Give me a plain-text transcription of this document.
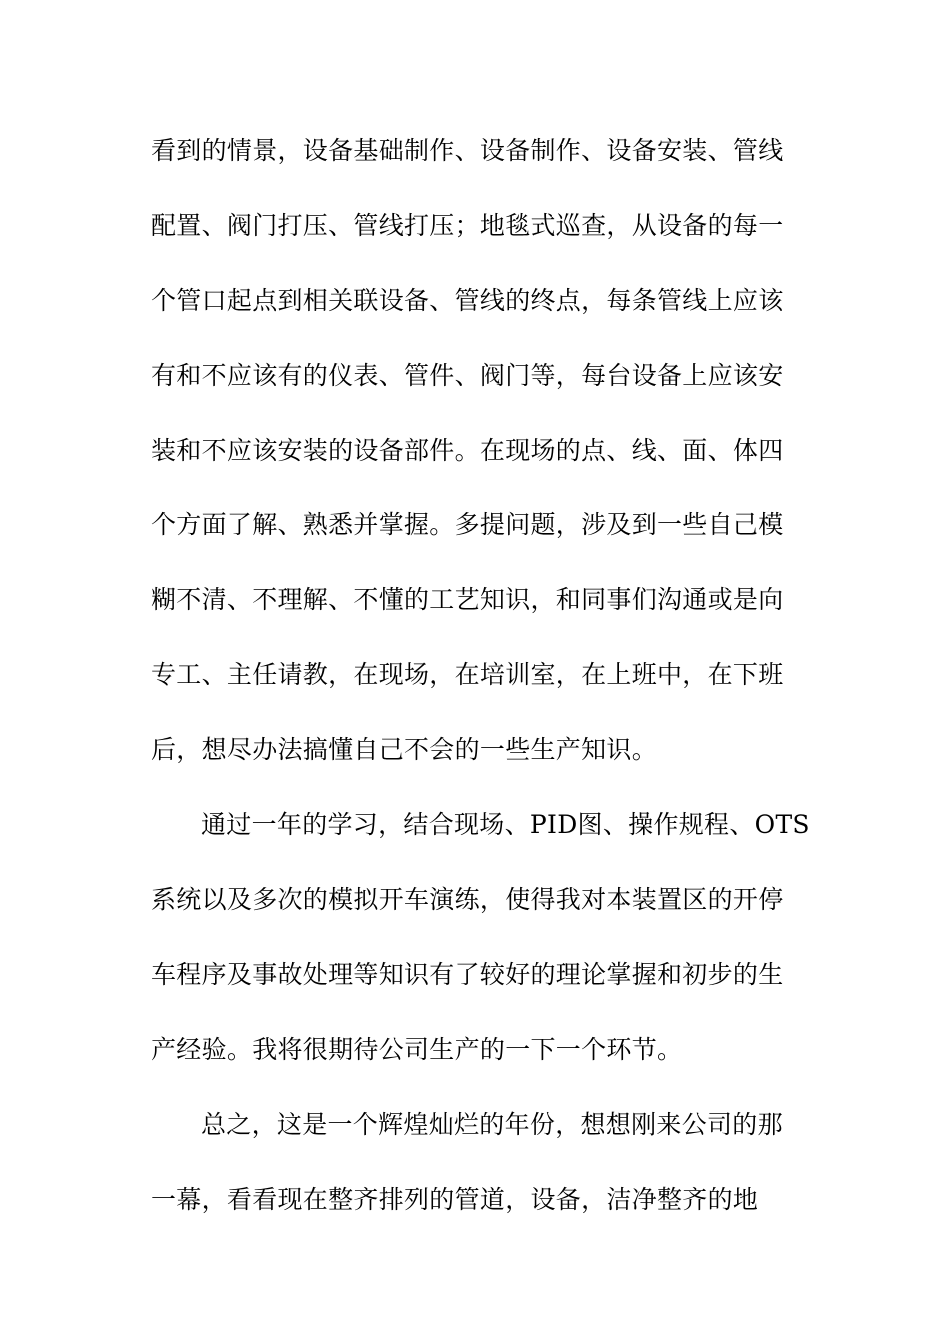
看到的情景，设备基础制作、设备制作、设备安装、管线
配置、阀门打压、管线打压；地毯式巡查，从设备的每一
个管口起点到相关联设备、管线的终点，每条管线上应该
有和不应该有的仪表、管件、阀门等，每台设备上应该安
装和不应该安装的设备部件。在现场的点、线、面、体四
个方面了解、熟悉并掌握。多提问题，涉及到一些自己模
糊不清、不理解、不懂的工艺知识，和同事们沟通或是向
专工、主任请教，在现场，在培训室，在上班中，在下班
后，想尽办法搞懂自己不会的一些生产知识。
通过一年的学习，结合现场、PID图、操作规程、OTS
系统以及多次的模拟开车演练，使得我对本装置区的开停
车程序及事故处理等知识有了较好的理论掌握和初步的生
产经验。我将很期待公司生产的一下一个环节。
总之，这是一个辉煌灿烂的年份，想想刚来公司的那
一幕，看看现在整齐排列的管道，设备，洁净整齐的地
